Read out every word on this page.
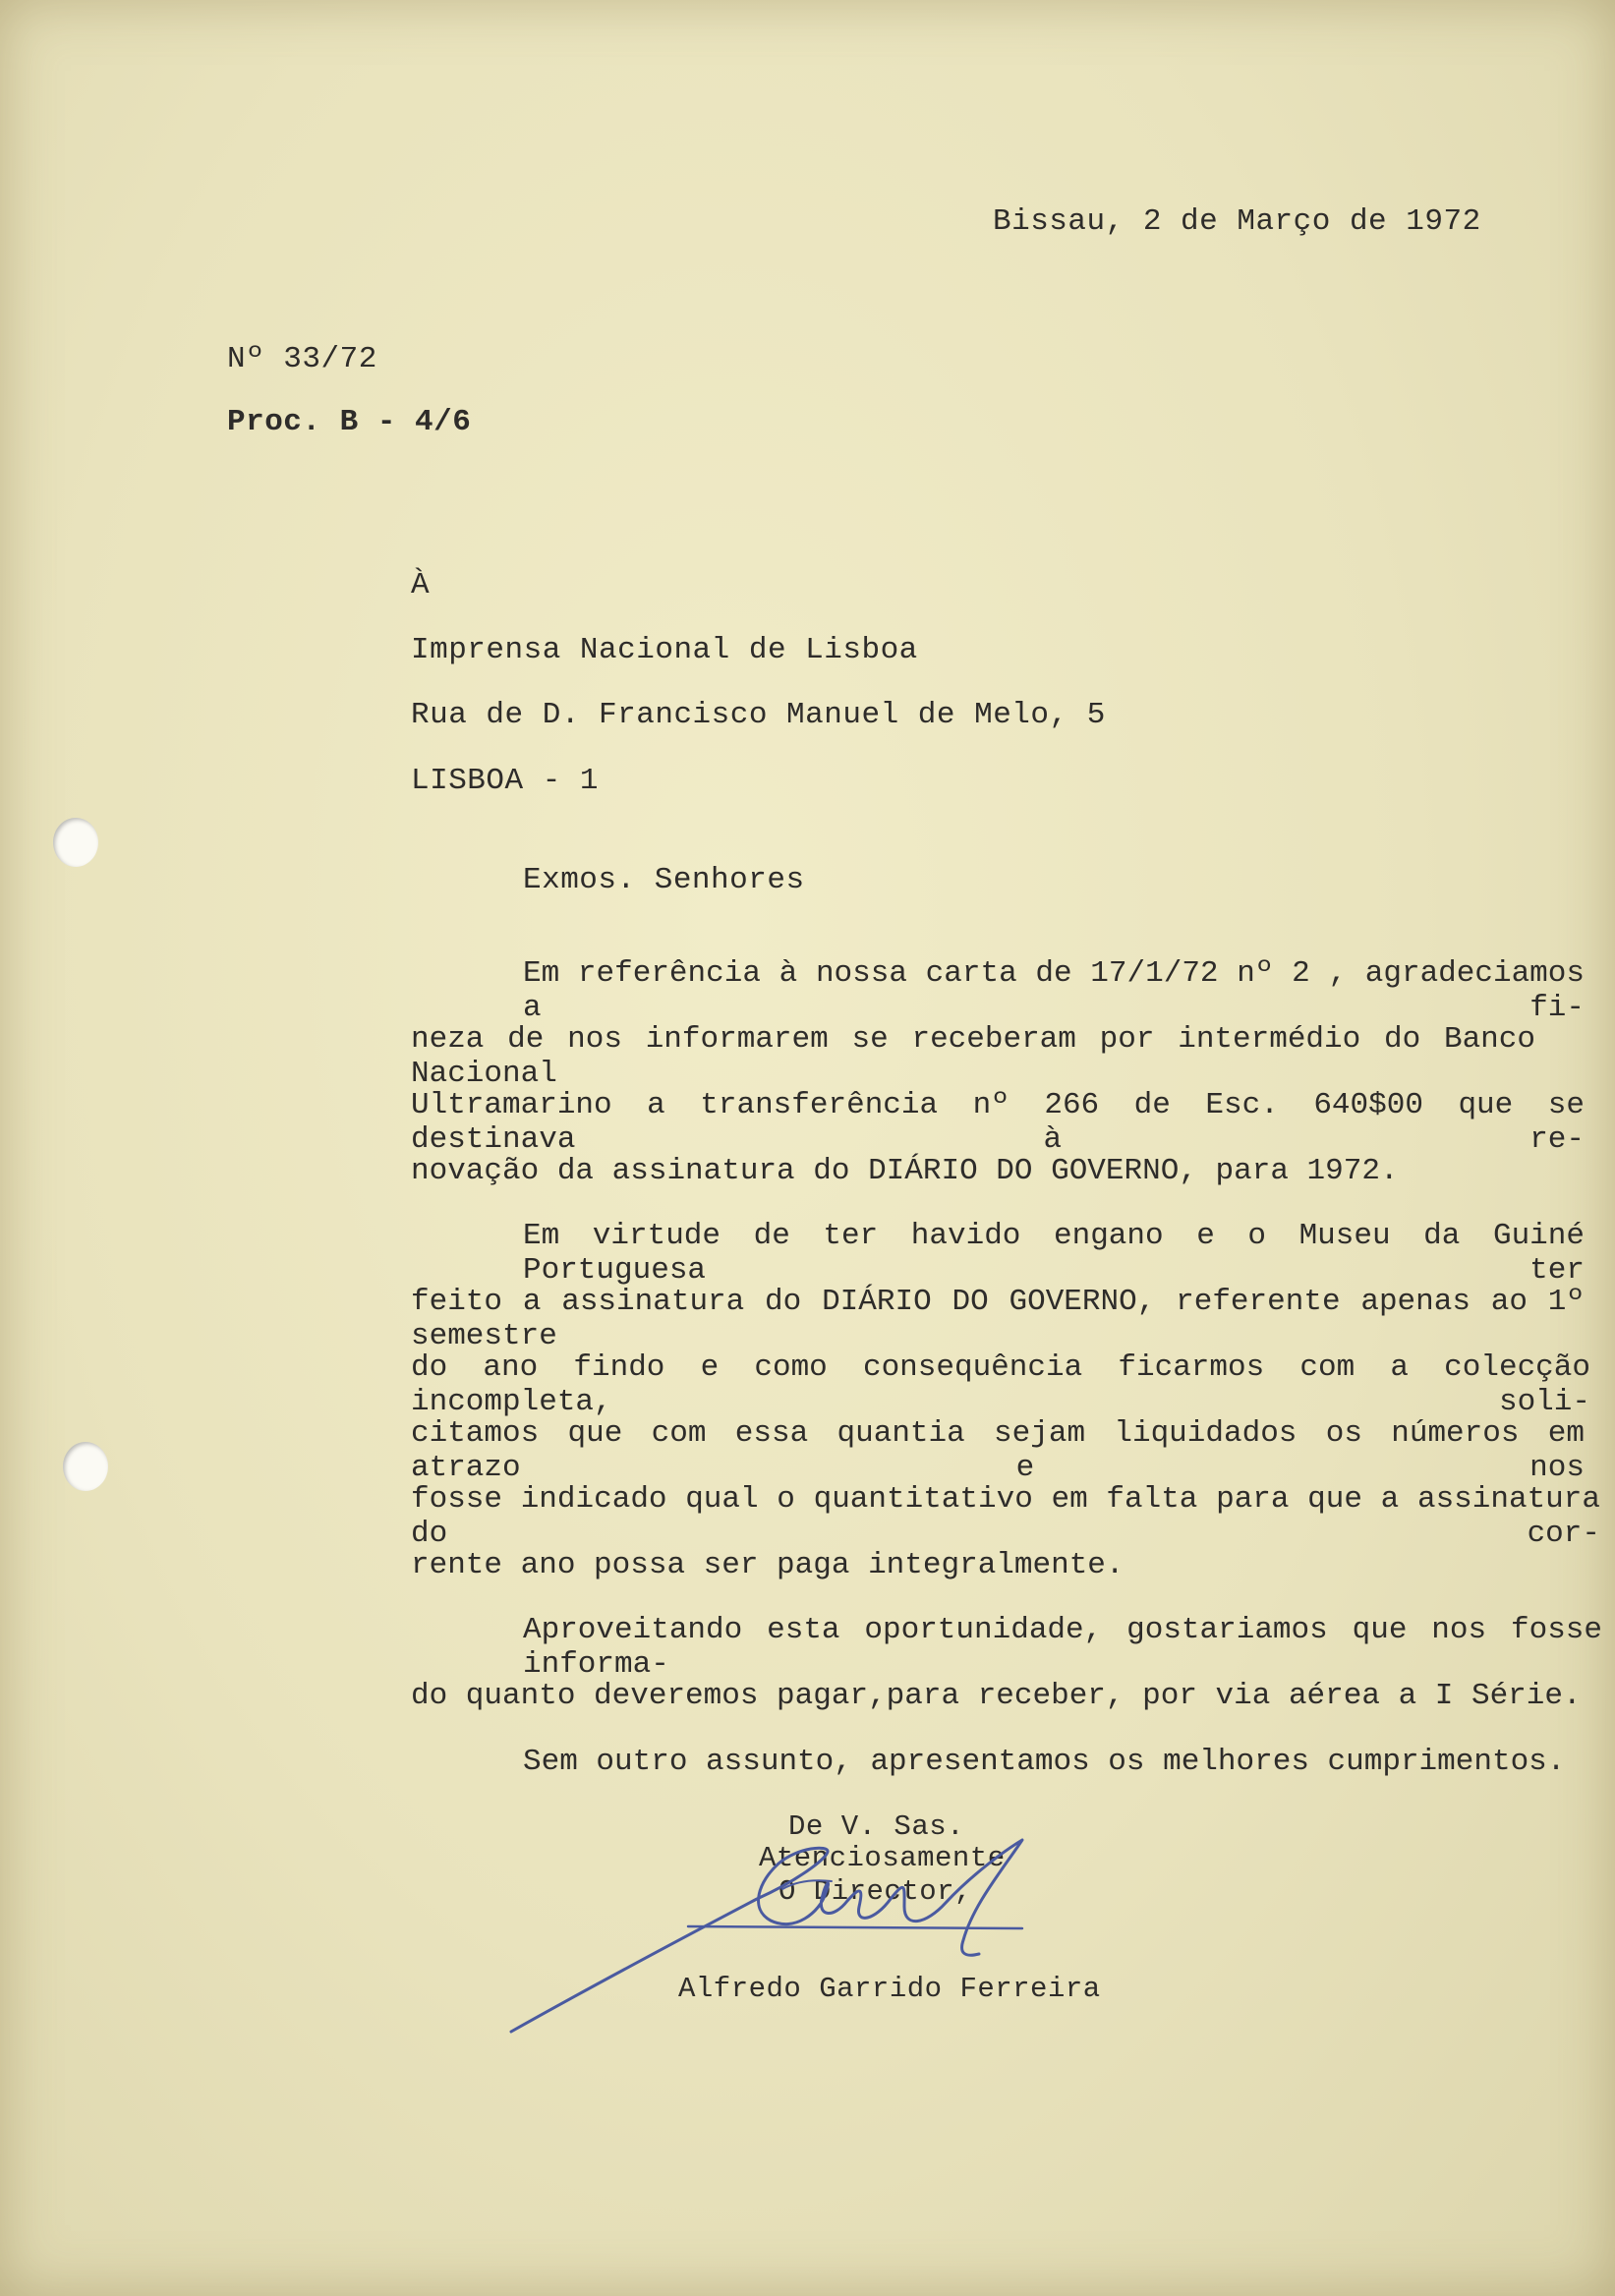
Bissau, 2 de Março de 1972
Nº 33/72
Proc. B - 4/6
À
Imprensa Nacional de Lisboa
Rua de D. Francisco Manuel de Melo, 5
LISBOA - 1
Exmos. Senhores
Em referência à nossa carta de 17/1/72 nº 2 , agradeciamos a fi-
neza de nos informarem se receberam por intermédio do Banco Nacional
Ultramarino a transferência nº 266 de Esc. 640$00 que se destinava à re-
novação da assinatura do DIÁRIO DO GOVERNO, para 1972.
Em virtude de ter havido engano e o Museu da Guiné Portuguesa ter
feito a assinatura do DIÁRIO DO GOVERNO, referente apenas ao 1º semestre
do ano findo e como consequência ficarmos com a colecção incompleta, soli-
citamos que com essa quantia sejam liquidados os números em atrazo e nos
fosse indicado qual o quantitativo em falta para que a assinatura do cor-
rente ano possa ser paga integralmente.
Aproveitando esta oportunidade, gostariamos que nos fosse informa-
do quanto deveremos pagar,para receber, por via aérea a I Série.
Sem outro assunto, apresentamos os melhores cumprimentos.
De V. Sas.
Atenciosamente
O Director,
Alfredo Garrido Ferreira
